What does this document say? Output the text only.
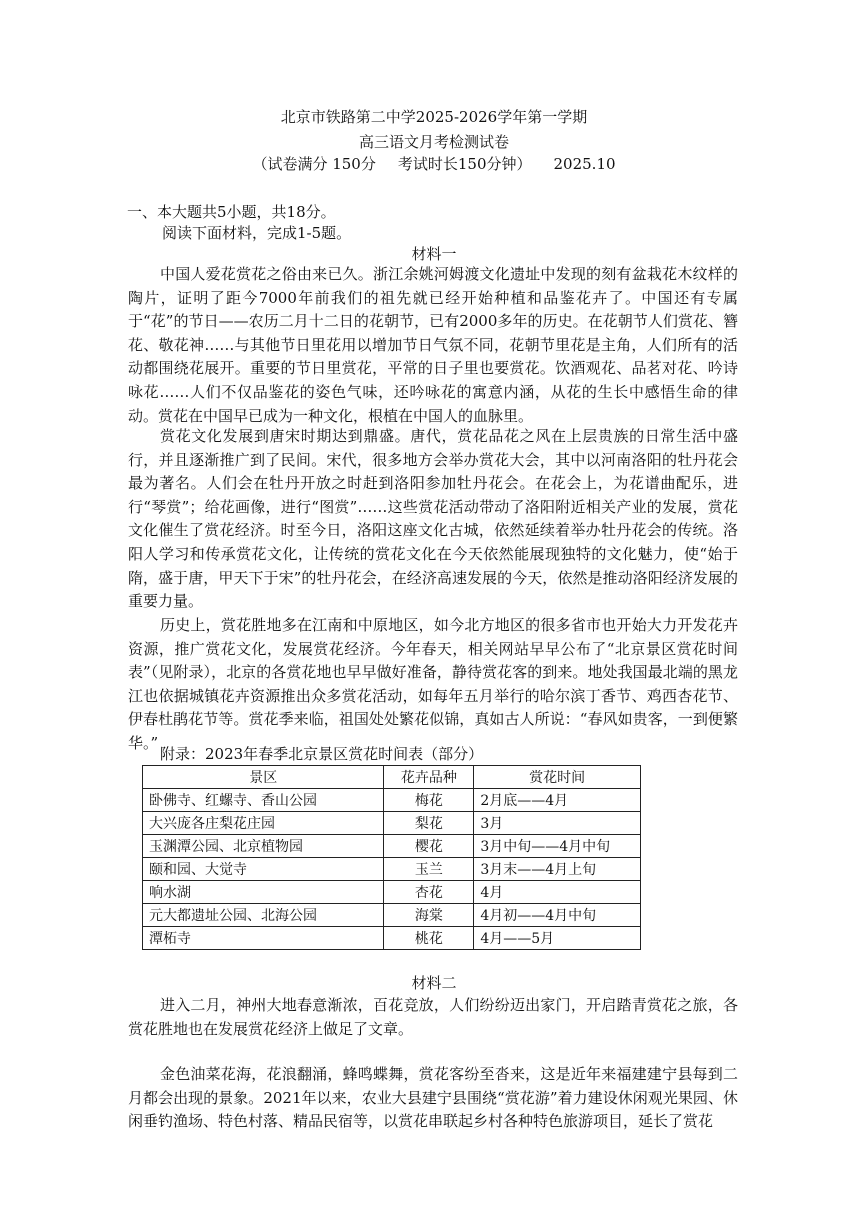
北京市铁路第二中学2025-2026学年第一学期
高三语文月考检测试卷
（试卷满分 150分 考试时长150分钟） 2025.10
一、本大题共5小题，共18分。
阅读下面材料，完成1-5题。
材料一
中国人爱花赏花之俗由来已久。浙江余姚河姆渡文化遗址中发现的刻有盆栽花木纹样的陶片，证明了距今7000年前我们的祖先就已经开始种植和品鉴花卉了。中国还有专属于“花”的节日——农历二月十二日的花朝节，已有2000多年的历史。在花朝节人们赏花、簪花、敬花神……与其他节日里花用以增加节日气氛不同，花朝节里花是主角，人们所有的活动都围绕花展开。重要的节日里赏花，平常的日子里也要赏花。饮酒观花、品茗对花、吟诗咏花……人们不仅品鉴花的姿色气味，还吟咏花的寓意内涵，从花的生长中感悟生命的律动。赏花在中国早已成为一种文化，根植在中国人的血脉里。
赏花文化发展到唐宋时期达到鼎盛。唐代，赏花品花之风在上层贵族的日常生活中盛行，并且逐渐推广到了民间。宋代，很多地方会举办赏花大会，其中以河南洛阳的牡丹花会最为著名。人们会在牡丹开放之时赶到洛阳参加牡丹花会。在花会上，为花谱曲配乐，进行“琴赏”；给花画像，进行“图赏”……这些赏花活动带动了洛阳附近相关产业的发展，赏花文化催生了赏花经济。时至今日，洛阳这座文化古城，依然延续着举办牡丹花会的传统。洛阳人学习和传承赏花文化，让传统的赏花文化在今天依然能展现独特的文化魅力，使“始于隋，盛于唐，甲天下于宋”的牡丹花会，在经济高速发展的今天，依然是推动洛阳经济发展的重要力量。
历史上，赏花胜地多在江南和中原地区，如今北方地区的很多省市也开始大力开发花卉资源，推广赏花文化，发展赏花经济。今年春天，相关网站早早公布了“北京景区赏花时间表”（见附录），北京的各赏花地也早早做好准备，静待赏花客的到来。地处我国最北端的黑龙江也依据城镇花卉资源推出众多赏花活动，如每年五月举行的哈尔滨丁香节、鸡西杏花节、伊春杜鹃花节等。赏花季来临，祖国处处繁花似锦，真如古人所说：“春风如贵客，一到便繁华。”
附录：2023年春季北京景区赏花时间表（部分）
景区	花卉品种	赏花时间
卧佛寺、红螺寺、香山公园	梅花	2月底——4月
大兴庞各庄梨花庄园	梨花	3月
玉渊潭公园、北京植物园	樱花	3月中旬——4月中旬
颐和园、大觉寺	玉兰	3月末——4月上旬
响水湖	杏花	4月
元大都遗址公园、北海公园	海棠	4月初——4月中旬
潭柘寺	桃花	4月——5月
材料二
进入二月，神州大地春意渐浓，百花竞放，人们纷纷迈出家门，开启踏青赏花之旅，各赏花胜地也在发展赏花经济上做足了文章。
金色油菜花海，花浪翻涌，蜂鸣蝶舞，赏花客纷至沓来，这是近年来福建建宁县每到二月都会出现的景象。2021年以来，农业大县建宁县围绕“赏花游”着力建设休闲观光果园、休闲垂钓渔场、特色村落、精品民宿等，以赏花串联起乡村各种特色旅游项目，延长了赏花
